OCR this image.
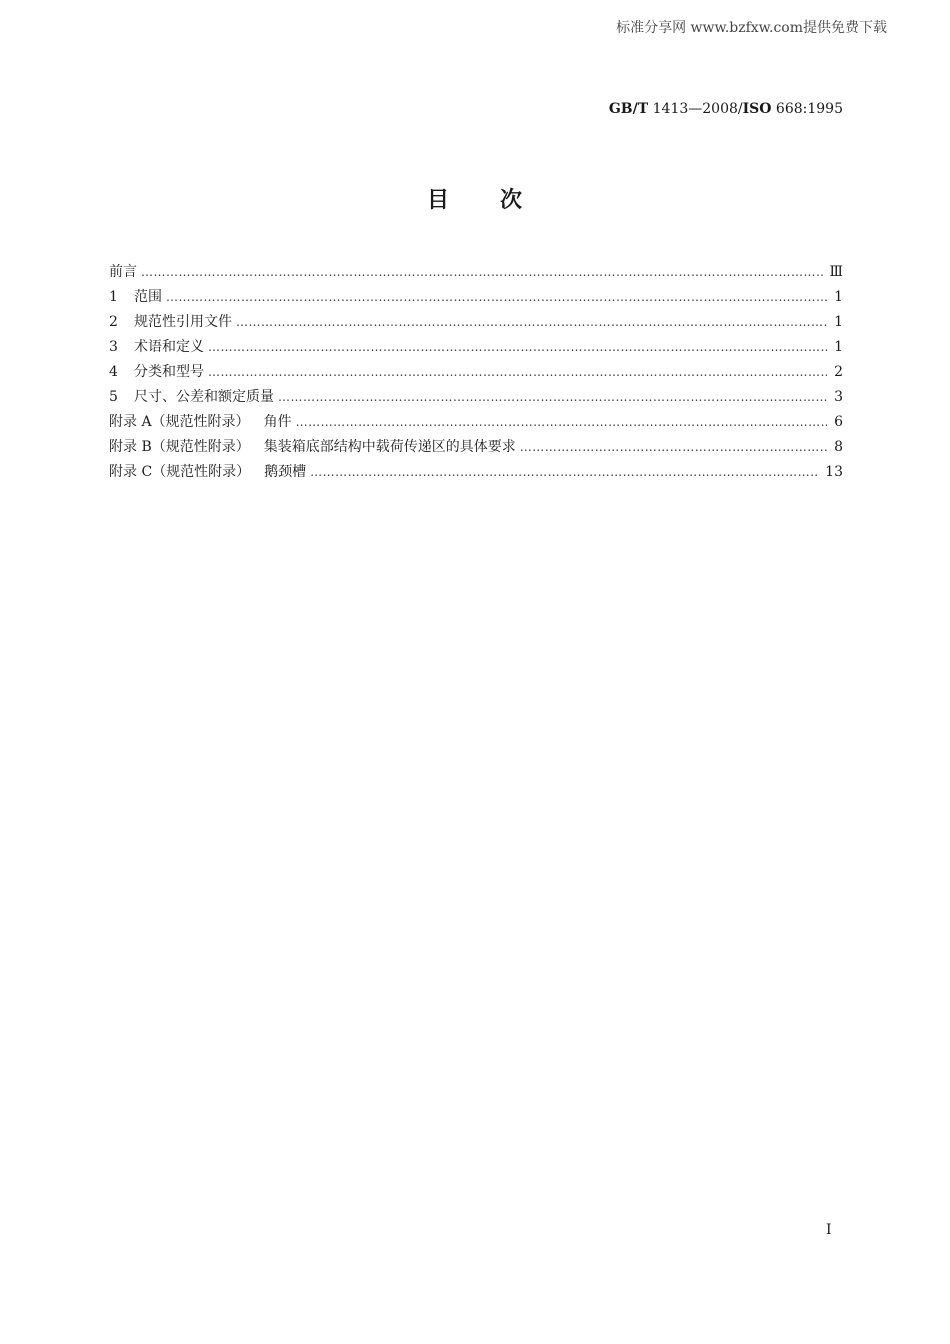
标准分享网 www.bzfxw.com提供免费下载
GB/T 1413—2008/ISO 668:1995
目 次
前言 ……………………………………………………………………………………………………………………………………………………………………………………………………………………	Ⅲ
1 范围 ……………………………………………………………………………………………………………………………………………………………………………………………………………………	1
2 规范性引用文件 ……………………………………………………………………………………………………………………………………………………………………………………………………………………	1
3 术语和定义 ……………………………………………………………………………………………………………………………………………………………………………………………………………………	1
4 分类和型号 ……………………………………………………………………………………………………………………………………………………………………………………………………………………	2
5 尺寸、公差和额定质量 ……………………………………………………………………………………………………………………………………………………………………………………………………………………	3
附录 A（规范性附录） 角件 ……………………………………………………………………………………………………………………………………………………………………………………………………………………	6
附录 B（规范性附录） 集装箱底部结构中载荷传递区的具体要求 ……………………………………………………………………………………………………………………………………………………………………………………………………………………	8
附录 C（规范性附录） 鹅颈槽 ……………………………………………………………………………………………………………………………………………………………………………………………………………………	13
I
